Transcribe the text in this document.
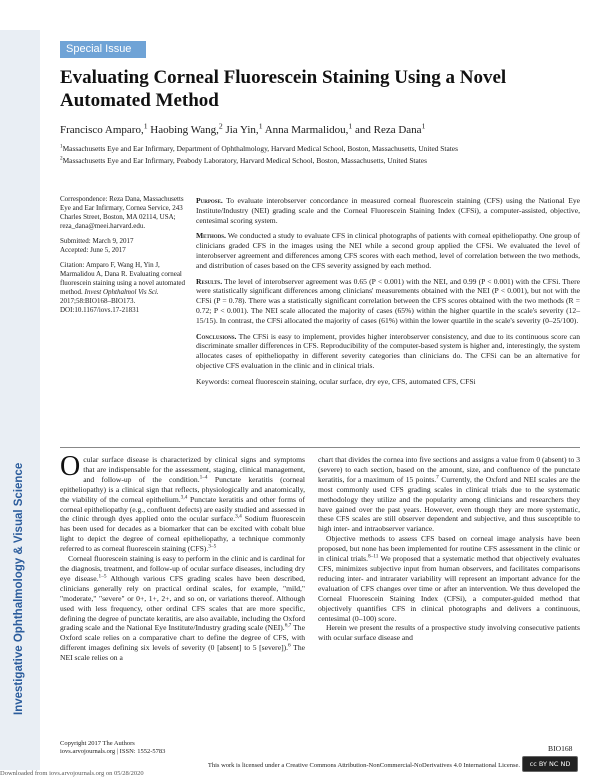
Investigative Ophthalmology & Visual Science
Special Issue
Evaluating Corneal Fluorescein Staining Using a Novel Automated Method
Francisco Amparo,$^1$ Haobing Wang,$^2$ Jia Yin,$^1$ Anna Marmalidou,$^1$ and Reza Dana$^1$

$^1$Massachusetts Eye and Ear Infirmary, Department of Ophthalmology, Harvard Medical School, Boston, Massachusetts, United States

$^2$Massachusetts Eye and Ear Infirmary, Peabody Laboratory, Harvard Medical School, Boston, Massachusetts, United States

Correspondence: Reza Dana, Massachusetts Eye and Ear Infirmary, Cornea Service, 243 Charles Street, Boston, MA 02114, USA; reza_dana@meei.harvard.edu.

Submitted: March 9, 2017
Accepted: June 5, 2017

Citation: Amparo F, Wang H, Yin J, Marmalidou A, Dana R. Evaluating corneal fluorescein staining using a novel automated method. Invest Ophthalmol Vis Sci. 2017;58:BIO168–BIO173. DOI:10.1167/iovs.17-21831

Purpose. To evaluate interobserver concordance in measured corneal fluorescein staining (CFS) using the National Eye Institute/Industry (NEI) grading scale and the Corneal Fluorescein Staining Index (CFSi), a computer-assisted, objective, centesimal scoring system.

Methods. We conducted a study to evaluate CFS in clinical photographs of patients with corneal epitheliopathy. One group of clinicians graded CFS in the images using the NEI while a second group applied the CFSi. We evaluated the level of interobserver agreement and differences among CFS scores with each method, level of correlation between the two methods, and distribution of cases based on the CFS severity assigned by each method.

Results. The level of interobserver agreement was 0.65 (P < 0.001) with the NEI, and 0.99 (P < 0.001) with the CFSi. There were statistically significant differences among clinicians' measurements obtained with the NEI (P < 0.001), but not with the CFSi (P = 0.78). There was a statistically significant correlation between the CFS scores obtained with the two methods (R = 0.72; P < 0.001). The NEI scale allocated the majority of cases (65%) within the higher quartile in the scale's severity (12–15/15). In contrast, the CFSi allocated the majority of cases (61%) within the lower quartile in the scale's severity (0–25/100).

Conclusions. The CFSi is easy to implement, provides higher interobserver consistency, and due to its continuous score can discriminate smaller differences in CFS. Reproducibility of the computer-based system is higher and, interestingly, the system allocates cases of epitheliopathy in different severity categories than clinicians do. The CFSi can be an alternative for objective CFS evaluation in the clinic and in clinical trials.

Keywords: corneal fluorescein staining, ocular surface, dry eye, CFS, automated CFS, CFSi

Ocular surface disease is characterized by clinical signs and symptoms that are indispensable for the assessment, staging, clinical management, and follow-up of the condition.$^{1-4}$ Punctate keratitis (corneal epitheliopathy) is a clinical sign that reflects, physiologically and anatomically, the viability of the corneal epithelium.$^{3,4}$ Punctate keratitis and other forms of corneal epitheliopathy (e.g., confluent defects) are easily studied and assessed in the clinic through dyes applied onto the ocular surface.$^{3,4}$ Sodium fluorescein has been used for decades as a biomarker that can be excited with cobalt blue light to depict the degree of corneal epitheliopathy, a technique commonly referred to as corneal fluorescein staining (CFS).$^{3-5}$

Corneal fluorescein staining is easy to perform in the clinic and is cardinal for the diagnosis, treatment, and follow-up of ocular surface diseases, including dry eye disease.$^{1-5}$ Although various CFS grading scales have been described, clinicians generally rely on practical ordinal scales, for example, "mild," "moderate," "severe" or 0+, 1+, 2+, and so on, or variations thereof. Although used with less frequency, other ordinal CFS scales that are more specific, defining the degree of punctate keratitis, are also available, including the Oxford grading scale and the National Eye Institute/Industry grading scale (NEI).$^{6,7}$ The Oxford scale relies on a comparative chart to define the degree of CFS, with different images defining six levels of severity (0 [absent] to 5 [severe]).$^6$ The NEI scale relies on a

chart that divides the cornea into five sections and assigns a value from 0 (absent) to 3 (severe) to each section, based on the amount, size, and confluence of the punctate keratitis, for a maximum of 15 points.$^7$ Currently, the Oxford and NEI scales are the most commonly used CFS grading scales in clinical trials due to the systematic methodology they utilize and the popularity among clinicians and researchers they have gained over the past years. However, even though they are more systematic, these CFS scales are still observer dependent and subjective, and thus susceptible to high inter- and intraobserver variance.

Objective methods to assess CFS based on corneal image analysis have been proposed, but none has been implemented for routine CFS assessment in the clinic or in clinical trials.$^{8-11}$ We proposed that a systematic method that objectively evaluates CFS, minimizes subjective input from human observers, and facilitates comparisons reducing inter- and intrarater variability will represent an important advance for the evaluation of CFS changes over time or after an intervention. We thus developed the Corneal Fluorescein Staining Index (CFSi), a computer-guided method that objectively quantifies CFS in clinical photographs and delivers a continuous, centesimal (0–100) score.

Herein we present the results of a prospective study involving consecutive patients with ocular surface disease and

Copyright 2017 The Authors
iovs.arvojournals.org | ISSN: 1552-5783	BIO168
This work is licensed under a Creative Commons Attribution-NonCommercial-NoDerivatives 4.0 International License.	cc BY NC ND
Downloaded from iovs.arvojournals.org on 05/28/2020
